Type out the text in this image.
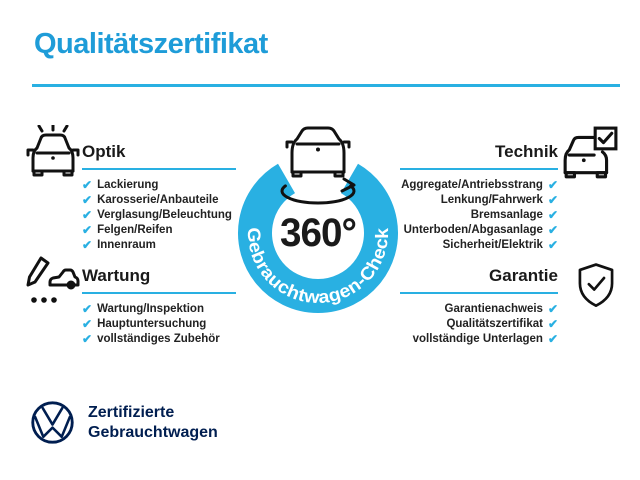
Qualitätszertifikat
360°
Gebrauchtwagen-Check
Optik
✔ Lackierung
✔ Karosserie/Anbauteile
✔ Verglasung/Beleuchtung
✔ Felgen/Reifen
✔ Innenraum
Technik
Aggregate/Antriebsstrang ✔
Lenkung/Fahrwerk ✔
Bremsanlage ✔
Unterboden/Abgasanlage ✔
Sicherheit/Elektrik ✔
Wartung
✔ Wartung/Inspektion
✔ Hauptuntersuchung
✔ vollständiges Zubehör
Garantie
Garantienachweis ✔
Qualitätszertifikat ✔
vollständige Unterlagen ✔
Zertifizierte
Gebrauchtwagen
